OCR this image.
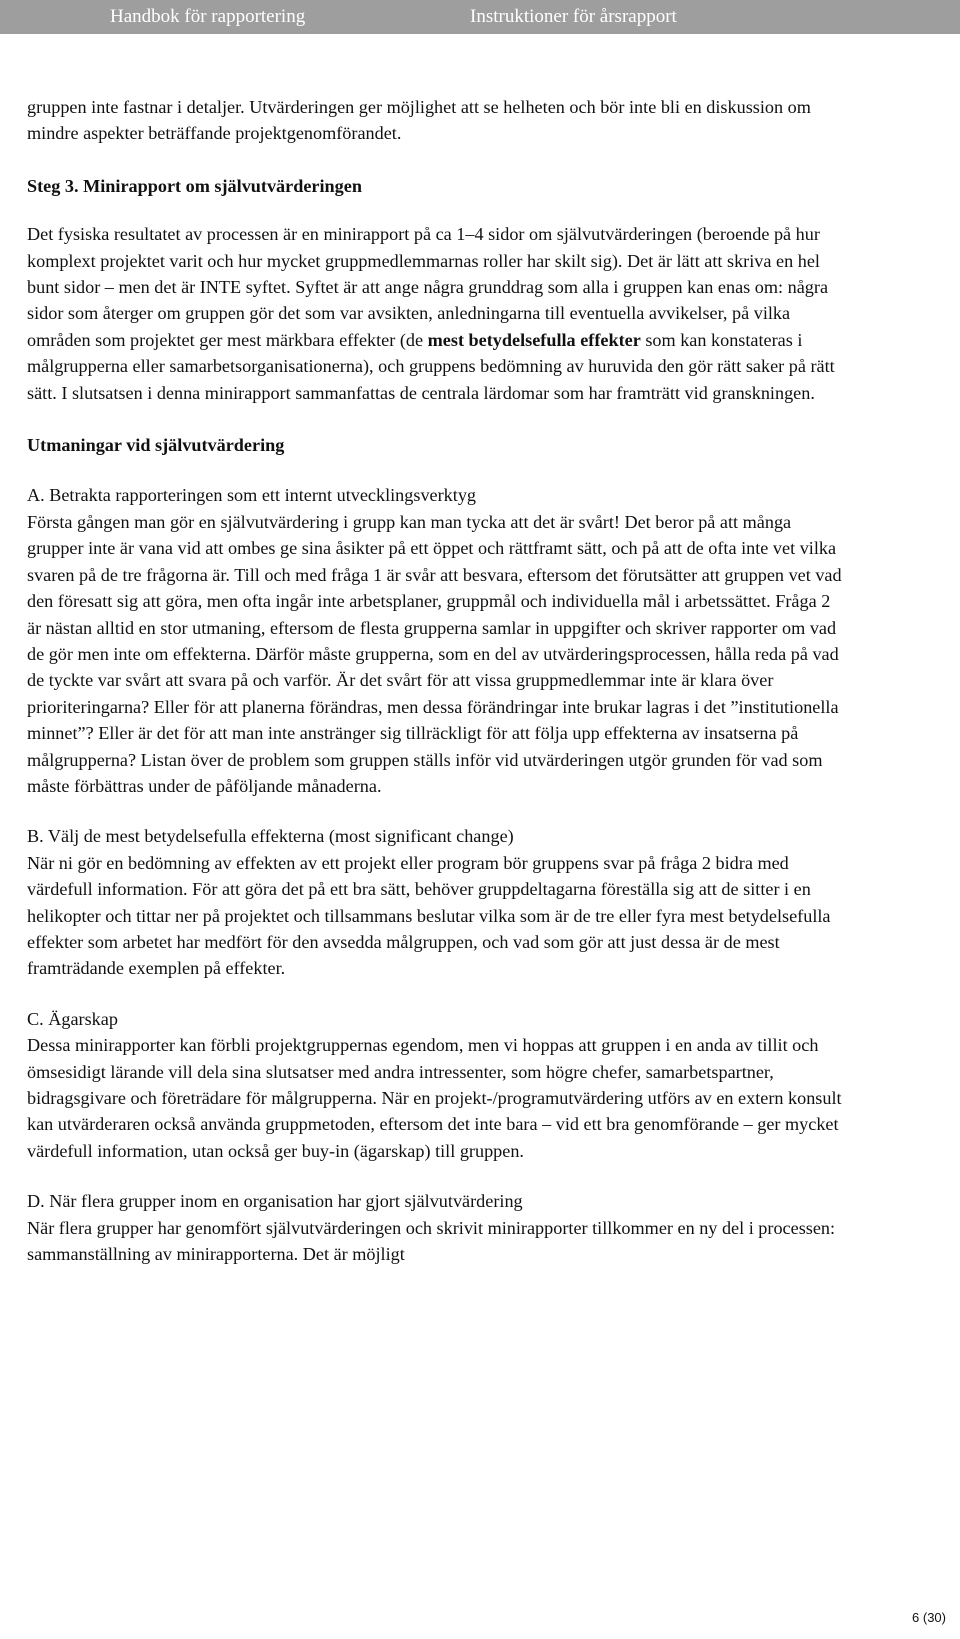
Handbok för rapportering	Instruktioner för årsrapport

gruppen inte fastnar i detaljer. Utvärderingen ger möjlighet att se helheten och bör inte bli en diskussion om mindre aspekter beträffande projektgenomförandet.

Steg 3. Minirapport om självutvärderingen

Det fysiska resultatet av processen är en minirapport på ca 1–4 sidor om självutvärderingen (beroende på hur komplext projektet varit och hur mycket gruppmedlemmarnas roller har skilt sig). Det är lätt att skriva en hel bunt sidor – men det är INTE syftet. Syftet är att ange några grunddrag som alla i gruppen kan enas om: några sidor som återger om gruppen gör det som var avsikten, anledningarna till eventuella avvikelser, på vilka områden som projektet ger mest märkbara effekter (de mest betydelsefulla effekter som kan konstateras i målgrupperna eller samarbetsorganisationerna), och gruppens bedömning av huruvida den gör rätt saker på rätt sätt. I slutsatsen i denna minirapport sammanfattas de centrala lärdomar som har framträtt vid granskningen.

Utmaningar vid självutvärdering

A. Betrakta rapporteringen som ett internt utvecklingsverktyg
Första gången man gör en självutvärdering i grupp kan man tycka att det är svårt! Det beror på att många grupper inte är vana vid att ombes ge sina åsikter på ett öppet och rättframt sätt, och på att de ofta inte vet vilka svaren på de tre frågorna är. Till och med fråga 1 är svår att besvara, eftersom det förutsätter att gruppen vet vad den föresatt sig att göra, men ofta ingår inte arbetsplaner, gruppmål och individuella mål i arbetssättet. Fråga 2 är nästan alltid en stor utmaning, eftersom de flesta grupperna samlar in uppgifter och skriver rapporter om vad de gör men inte om effekterna. Därför måste grupperna, som en del av utvärderingsprocessen, hålla reda på vad de tyckte var svårt att svara på och varför. Är det svårt för att vissa gruppmedlemmar inte är klara över prioriteringarna? Eller för att planerna förändras, men dessa förändringar inte brukar lagras i det ”institutionella minnet”? Eller är det för att man inte anstränger sig tillräckligt för att följa upp effekterna av insatserna på målgrupperna? Listan över de problem som gruppen ställs inför vid utvärderingen utgör grunden för vad som måste förbättras under de påföljande månaderna.

B. Välj de mest betydelsefulla effekterna (most significant change)
När ni gör en bedömning av effekten av ett projekt eller program bör gruppens svar på fråga 2 bidra med värdefull information. För att göra det på ett bra sätt, behöver gruppdeltagarna föreställa sig att de sitter i en helikopter och tittar ner på projektet och tillsammans beslutar vilka som är de tre eller fyra mest betydelsefulla effekter som arbetet har medfört för den avsedda målgruppen, och vad som gör att just dessa är de mest framträdande exemplen på effekter.

C. Ägarskap
Dessa minirapporter kan förbli projektgruppernas egendom, men vi hoppas att gruppen i en anda av tillit och ömsesidigt lärande vill dela sina slutsatser med andra intressenter, som högre chefer, samarbetspartner, bidragsgivare och företrädare för målgrupperna. När en projekt-/programutvärdering utförs av en extern konsult kan utvärderaren också använda gruppmetoden, eftersom det inte bara – vid ett bra genomförande – ger mycket värdefull information, utan också ger buy-in (ägarskap) till gruppen.

D. När flera grupper inom en organisation har gjort självutvärdering
När flera grupper har genomfört självutvärderingen och skrivit minirapporter tillkommer en ny del i processen: sammanställning av minirapporterna. Det är möjligt

6 (30)
